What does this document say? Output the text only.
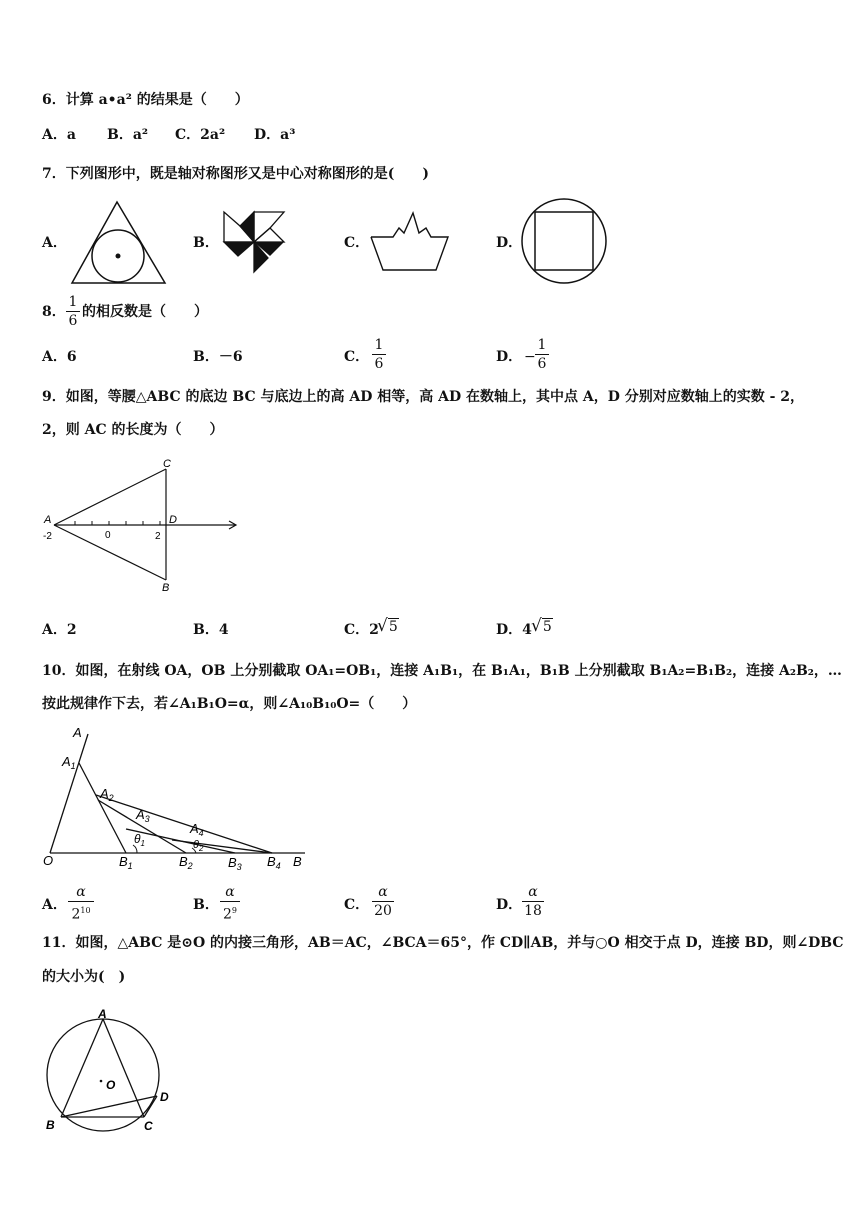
6．计算 a•a² 的结果是（　　）
A．a B．a² C．2a² D．a³
7．下列图形中，既是轴对称图形又是中心对称图形的是(　　)
A．	B．	C．	D．
8．
1
6
的相反数是（　　）
A．6	B．－6	C．
1
6	D． −
1
6
9．如图，等腰△ABC 的底边 BC 与底边上的高 AD 相等，高 AD 在数轴上，其中点 A，D 分别对应数轴上的实数 - 2，
2，则 AC 的长度为（　　）
C
A	D
B
-2	0	2
A．2	B．4	C．2
√5	D．4 √5
10．如图，在射线 OA，OB 上分别截取 OA₁=OB₁，连接 A₁B₁，在 B₁A₁，B₁B 上分别截取 B₁A₂=B₁B₂，连接 A₂B₂，…
按此规律作下去，若∠A₁B₁O=α，则∠A₁₀B₁₀O=（　　）
A
$A_1$
$A_2$
$A_3$
$A_4$
$\theta_1$	$\theta_2$
O	$B_1$	$B_2$	$B_3$ $B_4$ B
A．
α
$2^{10}$	B．
α
$2^9$	C．
α
20	D．
α
18
11．如图，△ABC 是⊙O 的内接三角形，AB＝AC，∠BCA＝65°，作 CD∥AB，并与○O 相交于点 D，连接 BD，则∠DBC
的大小为(　)
A
O
D
B	C
